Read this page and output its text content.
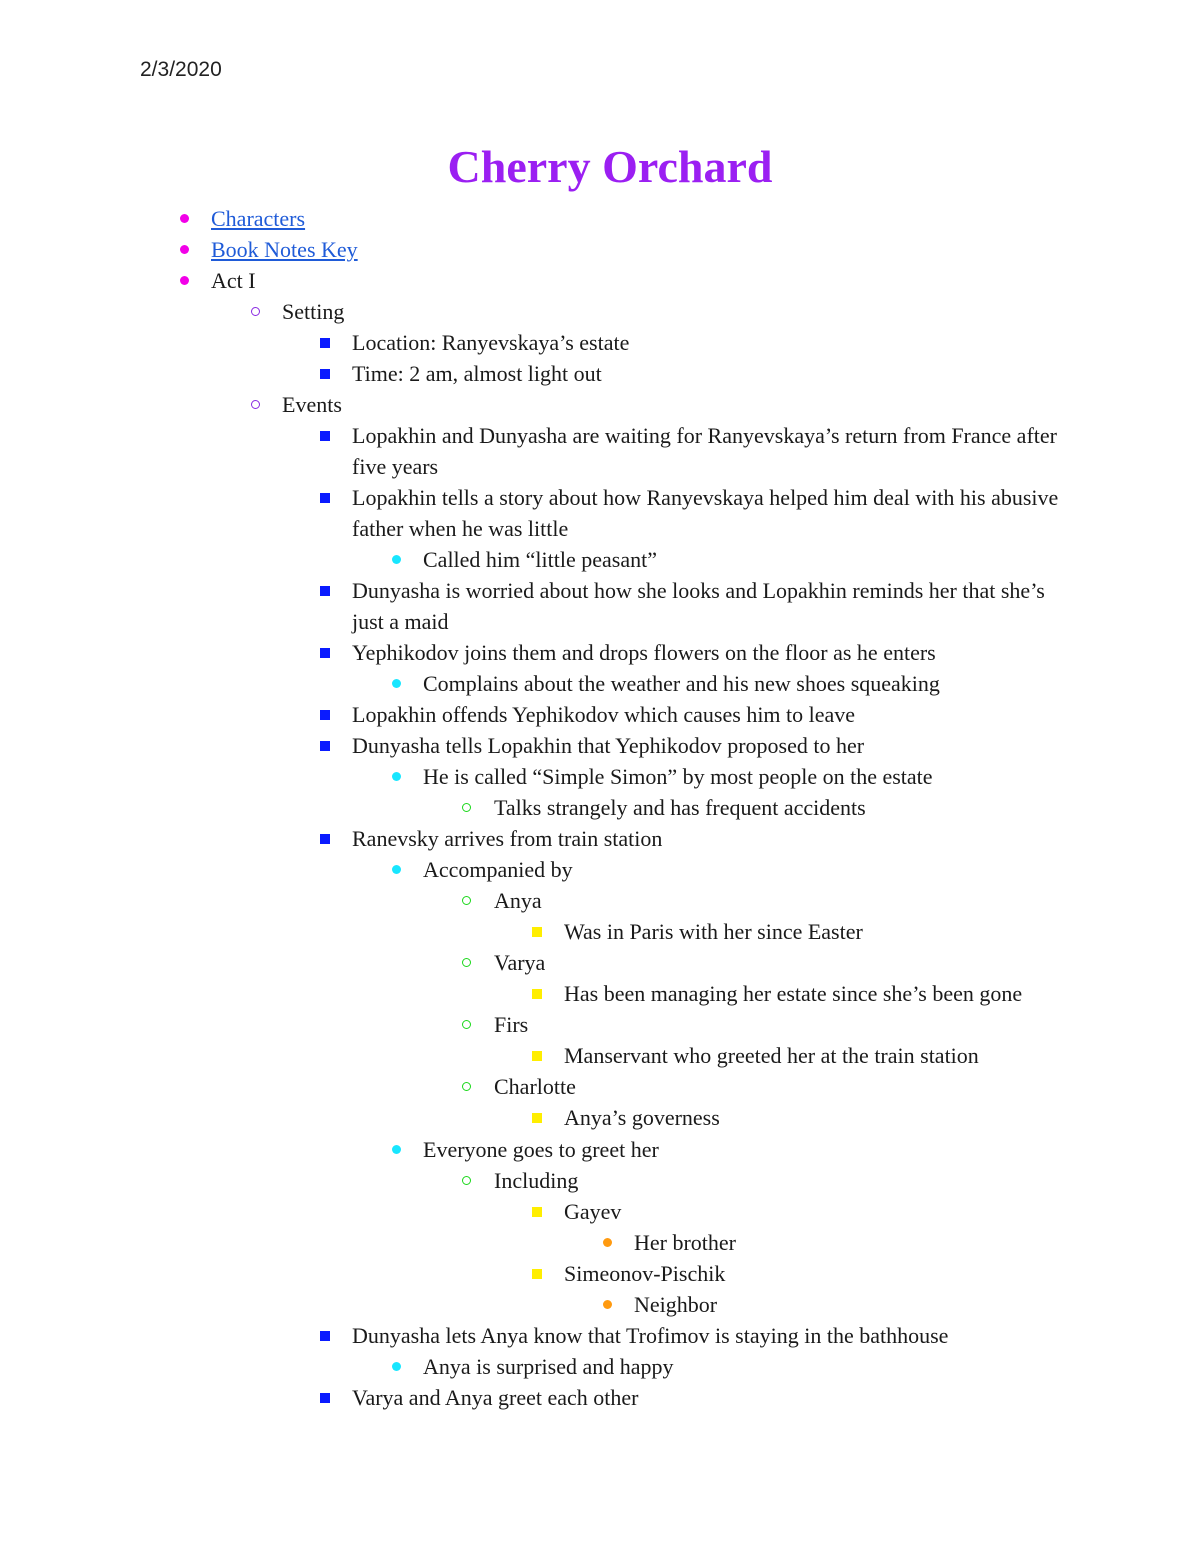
2/3/2020
Cherry Orchard
Characters
Book Notes Key
Act I
Setting
Location: Ranyevskaya’s estate
Time: 2 am, almost light out
Events
Lopakhin and Dunyasha are waiting for Ranyevskaya’s return from France after five years
Lopakhin tells a story about how Ranyevskaya helped him deal with his abusive father when he was little
Called him “little peasant”
Dunyasha is worried about how she looks and Lopakhin reminds her that she’s just a maid
Yephikodov joins them and drops flowers on the floor as he enters
Complains about the weather and his new shoes squeaking
Lopakhin offends Yephikodov which causes him to leave
Dunyasha tells Lopakhin that Yephikodov proposed to her
He is called “Simple Simon” by most people on the estate
Talks strangely and has frequent accidents
Ranevsky arrives from train station
Accompanied by
Anya
Was in Paris with her since Easter
Varya
Has been managing her estate since she’s been gone
Firs
Manservant who greeted her at the train station
Charlotte
Anya’s governess
Everyone goes to greet her
Including
Gayev
Her brother
Simeonov-Pischik
Neighbor
Dunyasha lets Anya know that Trofimov is staying in the bathhouse
Anya is surprised and happy
Varya and Anya greet each other
